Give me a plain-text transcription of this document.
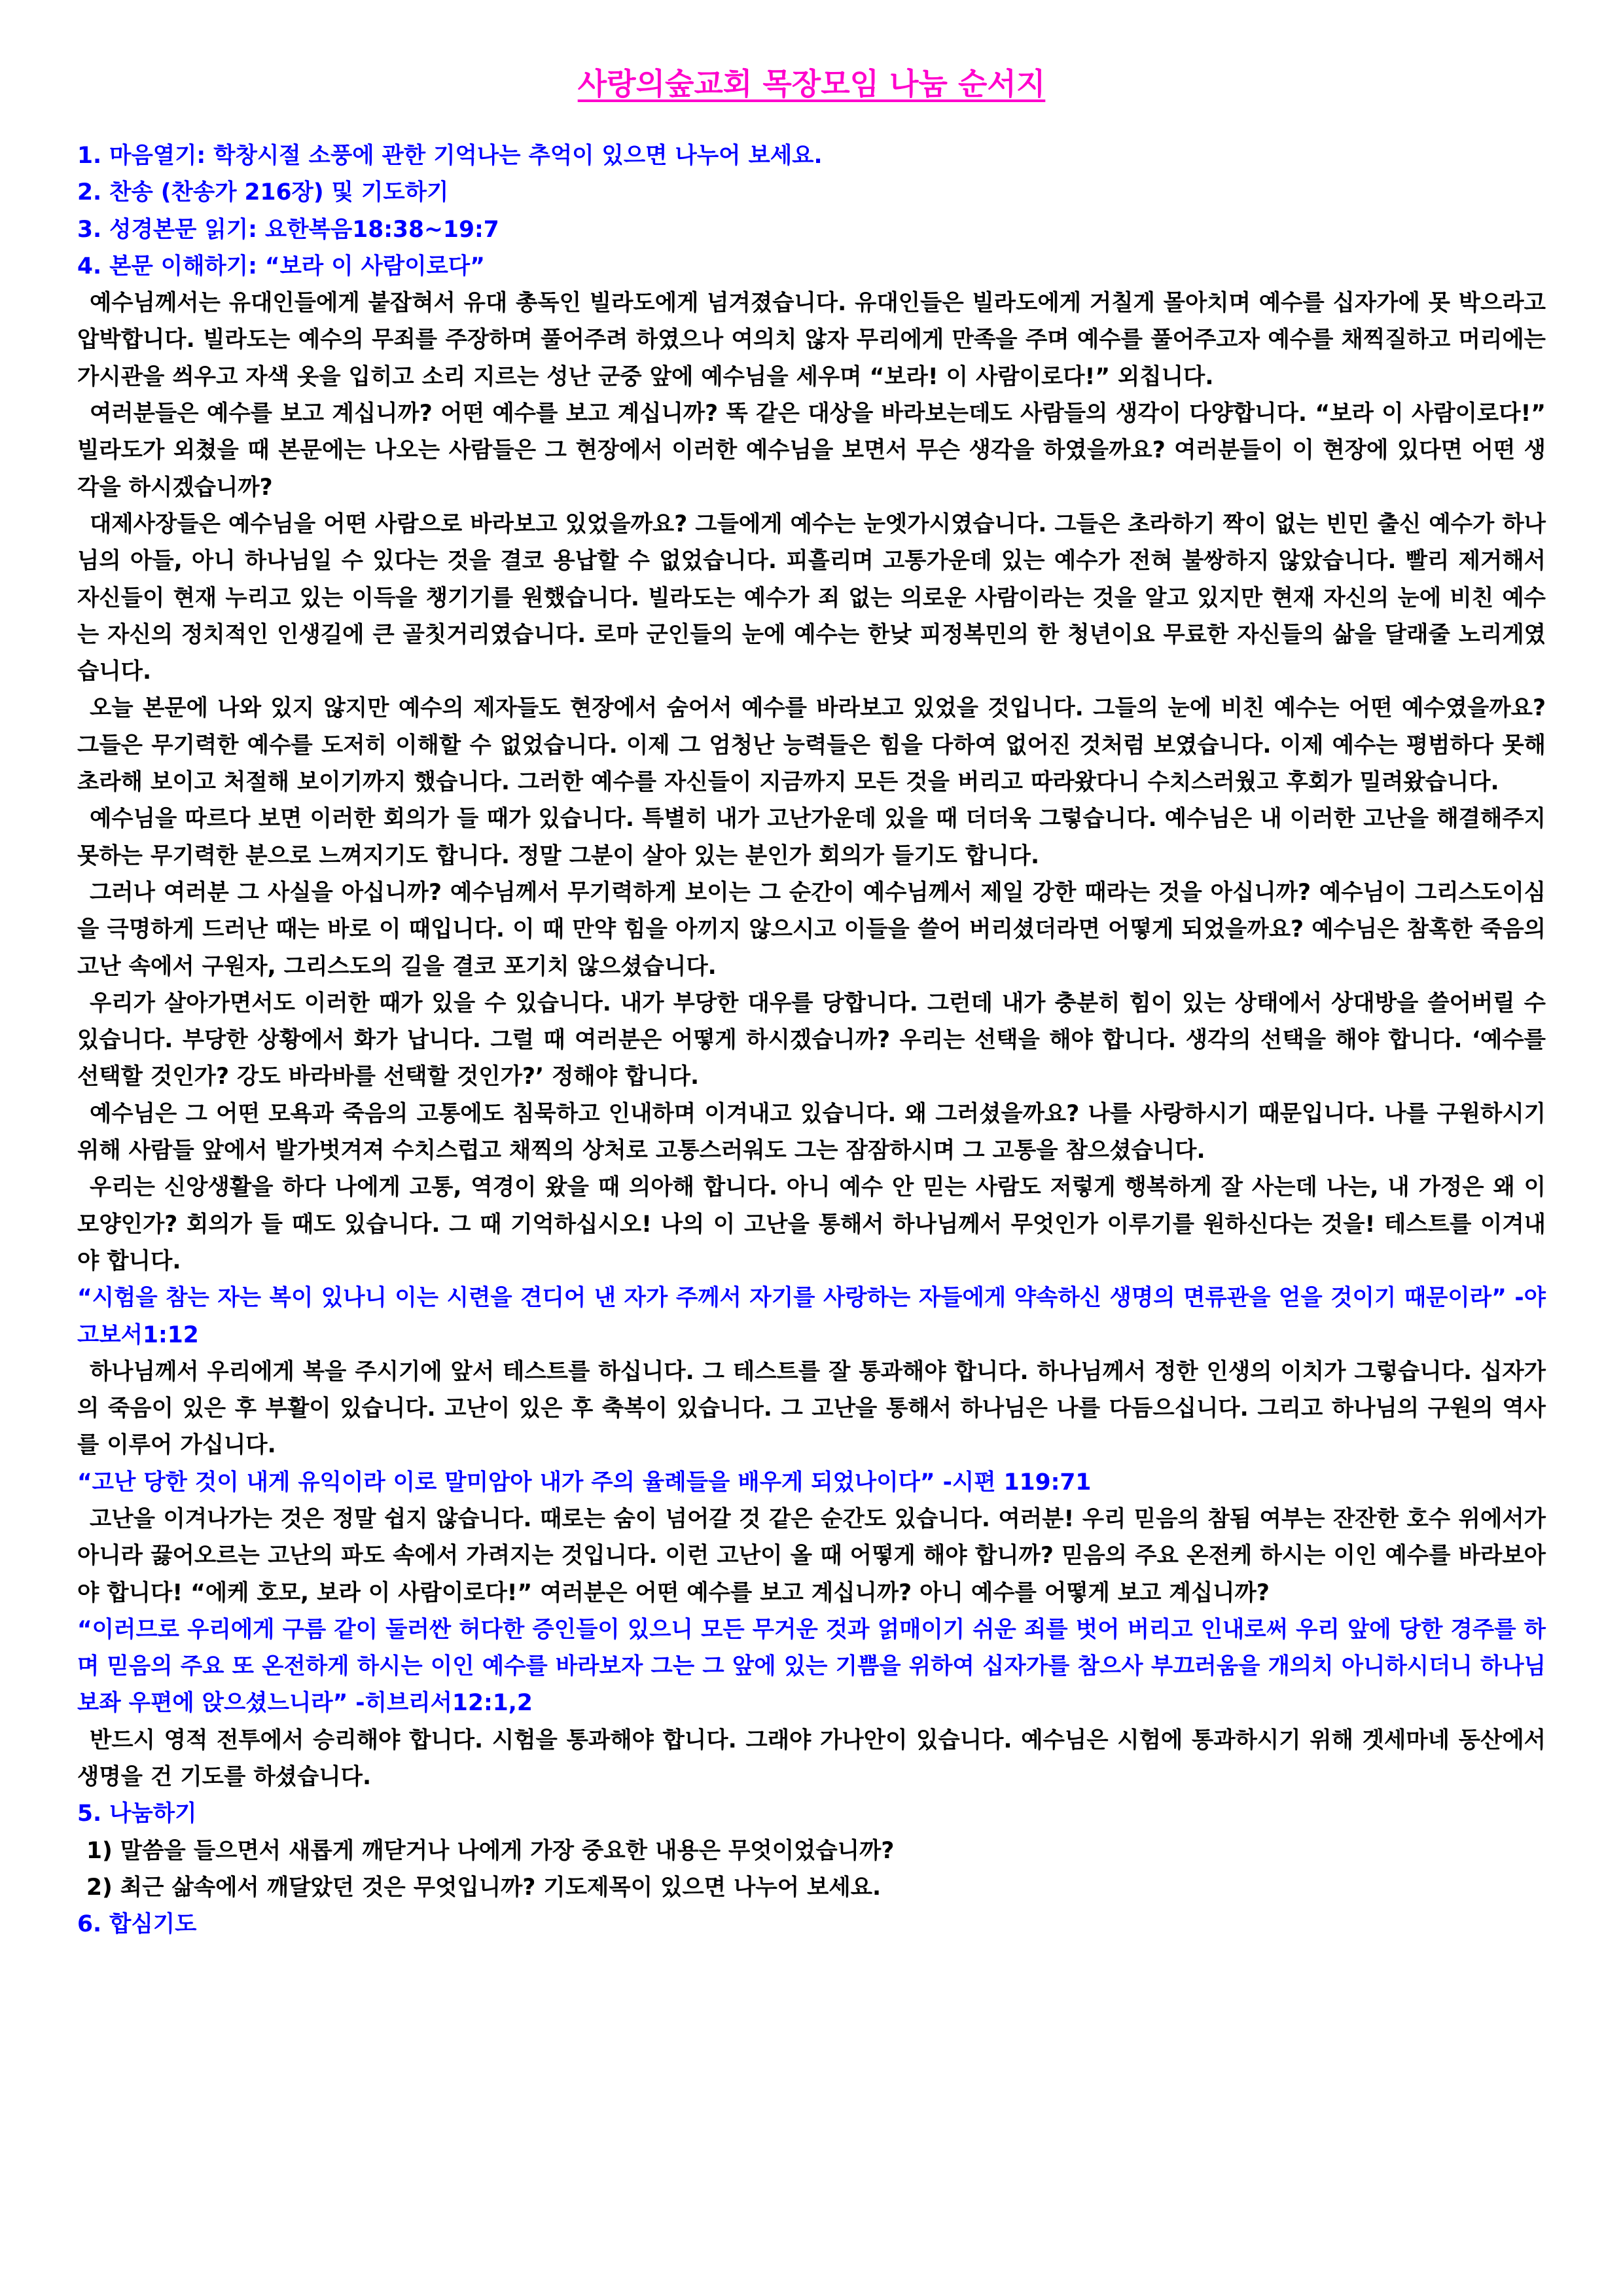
사랑의숲교회 목장모임 나눔 순서지

1. 마음열기: 학창시절 소풍에 관한 기억나는 추억이 있으면 나누어 보세요.

2. 찬송 (찬송가 216장) 및 기도하기

3. 성경본문 읽기: 요한복음18:38~19:7

4. 본문 이해하기: “보라 이 사람이로다”

예수님께서는 유대인들에게 붙잡혀서 유대 총독인 빌라도에게 넘겨졌습니다. 유대인들은 빌라도에게 거칠게 몰아치며 예수를 십자가에 못 박으라고 압박합니다. 빌라도는 예수의 무죄를 주장하며 풀어주려 하였으나 여의치 않자 무리에게 만족을 주며 예수를 풀어주고자 예수를 채찍질하고 머리에는 가시관을 씌우고 자색 옷을 입히고 소리 지르는 성난 군중 앞에 예수님을 세우며 “보라! 이 사람이로다!” 외칩니다.

여러분들은 예수를 보고 계십니까? 어떤 예수를 보고 계십니까? 똑 같은 대상을 바라보는데도 사람들의 생각이 다양합니다. “보라 이 사람이로다!” 빌라도가 외쳤을 때 본문에는 나오는 사람들은 그 현장에서 이러한 예수님을 보면서 무슨 생각을 하였을까요? 여러분들이 이 현장에 있다면 어떤 생각을 하시겠습니까?

대제사장들은 예수님을 어떤 사람으로 바라보고 있었을까요? 그들에게 예수는 눈엣가시였습니다. 그들은 초라하기 짝이 없는 빈민 출신 예수가 하나님의 아들, 아니 하나님일 수 있다는 것을 결코 용납할 수 없었습니다. 피흘리며 고통가운데 있는 예수가 전혀 불쌍하지 않았습니다. 빨리 제거해서 자신들이 현재 누리고 있는 이득을 챙기기를 원했습니다. 빌라도는 예수가 죄 없는 의로운 사람이라는 것을 알고 있지만 현재 자신의 눈에 비친 예수는 자신의 정치적인 인생길에 큰 골칫거리였습니다. 로마 군인들의 눈에 예수는 한낮 피정복민의 한 청년이요 무료한 자신들의 삶을 달래줄 노리게였습니다.

오늘 본문에 나와 있지 않지만 예수의 제자들도 현장에서 숨어서 예수를 바라보고 있었을 것입니다. 그들의 눈에 비친 예수는 어떤 예수였을까요? 그들은 무기력한 예수를 도저히 이해할 수 없었습니다. 이제 그 엄청난 능력들은 힘을 다하여 없어진 것처럼 보였습니다. 이제 예수는 평범하다 못해 초라해 보이고 처절해 보이기까지 했습니다. 그러한 예수를 자신들이 지금까지 모든 것을 버리고 따라왔다니 수치스러웠고 후회가 밀려왔습니다.

예수님을 따르다 보면 이러한 회의가 들 때가 있습니다. 특별히 내가 고난가운데 있을 때 더더욱 그렇습니다. 예수님은 내 이러한 고난을 해결해주지 못하는 무기력한 분으로 느껴지기도 합니다. 정말 그분이 살아 있는 분인가 회의가 들기도 합니다.

그러나 여러분 그 사실을 아십니까? 예수님께서 무기력하게 보이는 그 순간이 예수님께서 제일 강한 때라는 것을 아십니까? 예수님이 그리스도이심을 극명하게 드러난 때는 바로 이 때입니다. 이 때 만약 힘을 아끼지 않으시고 이들을 쓸어 버리셨더라면 어떻게 되었을까요? 예수님은 참혹한 죽음의 고난 속에서 구원자, 그리스도의 길을 결코 포기치 않으셨습니다.

우리가 살아가면서도 이러한 때가 있을 수 있습니다. 내가 부당한 대우를 당합니다. 그런데 내가 충분히 힘이 있는 상태에서 상대방을 쓸어버릴 수 있습니다. 부당한 상황에서 화가 납니다. 그럴 때 여러분은 어떻게 하시겠습니까? 우리는 선택을 해야 합니다. 생각의 선택을 해야 합니다. ‘예수를 선택할 것인가? 강도 바라바를 선택할 것인가?’ 정해야 합니다.

예수님은 그 어떤 모욕과 죽음의 고통에도 침묵하고 인내하며 이겨내고 있습니다. 왜 그러셨을까요? 나를 사랑하시기 때문입니다. 나를 구원하시기 위해 사람들 앞에서 발가벗겨져 수치스럽고 채찍의 상처로 고통스러워도 그는 잠잠하시며 그 고통을 참으셨습니다.

우리는 신앙생활을 하다 나에게 고통, 역경이 왔을 때 의아해 합니다. 아니 예수 안 믿는 사람도 저렇게 행복하게 잘 사는데 나는, 내 가정은 왜 이 모양인가? 회의가 들 때도 있습니다. 그 때 기억하십시오! 나의 이 고난을 통해서 하나님께서 무엇인가 이루기를 원하신다는 것을! 테스트를 이겨내야 합니다.

“시험을 참는 자는 복이 있나니 이는 시련을 견디어 낸 자가 주께서 자기를 사랑하는 자들에게 약속하신 생명의 면류관을 얻을 것이기 때문이라” -야고보서1:12

하나님께서 우리에게 복을 주시기에 앞서 테스트를 하십니다. 그 테스트를 잘 통과해야 합니다. 하나님께서 정한 인생의 이치가 그렇습니다. 십자가의 죽음이 있은 후 부활이 있습니다. 고난이 있은 후 축복이 있습니다. 그 고난을 통해서 하나님은 나를 다듬으십니다. 그리고 하나님의 구원의 역사를 이루어 가십니다.

“고난 당한 것이 내게 유익이라 이로 말미암아 내가 주의 율례들을 배우게 되었나이다” -시편 119:71

고난을 이겨나가는 것은 정말 쉽지 않습니다. 때로는 숨이 넘어갈 것 같은 순간도 있습니다. 여러분! 우리 믿음의 참됨 여부는 잔잔한 호수 위에서가 아니라 끓어오르는 고난의 파도 속에서 가려지는 것입니다. 이런 고난이 올 때 어떻게 해야 합니까? 믿음의 주요 온전케 하시는 이인 예수를 바라보아야 합니다! “에케 호모, 보라 이 사람이로다!” 여러분은 어떤 예수를 보고 계십니까? 아니 예수를 어떻게 보고 계십니까?

“이러므로 우리에게 구름 같이 둘러싼 허다한 증인들이 있으니 모든 무거운 것과 얽매이기 쉬운 죄를 벗어 버리고 인내로써 우리 앞에 당한 경주를 하며 믿음의 주요 또 온전하게 하시는 이인 예수를 바라보자 그는 그 앞에 있는 기쁨을 위하여 십자가를 참으사 부끄러움을 개의치 아니하시더니 하나님 보좌 우편에 앉으셨느니라” -히브리서12:1,2

반드시 영적 전투에서 승리해야 합니다. 시험을 통과해야 합니다. 그래야 가나안이 있습니다. 예수님은 시험에 통과하시기 위해 겟세마네 동산에서 생명을 건 기도를 하셨습니다.

5. 나눔하기

1) 말씀을 들으면서 새롭게 깨닫거나 나에게 가장 중요한 내용은 무엇이었습니까?

2) 최근 삶속에서 깨달았던 것은 무엇입니까? 기도제목이 있으면 나누어 보세요.

6. 합심기도
